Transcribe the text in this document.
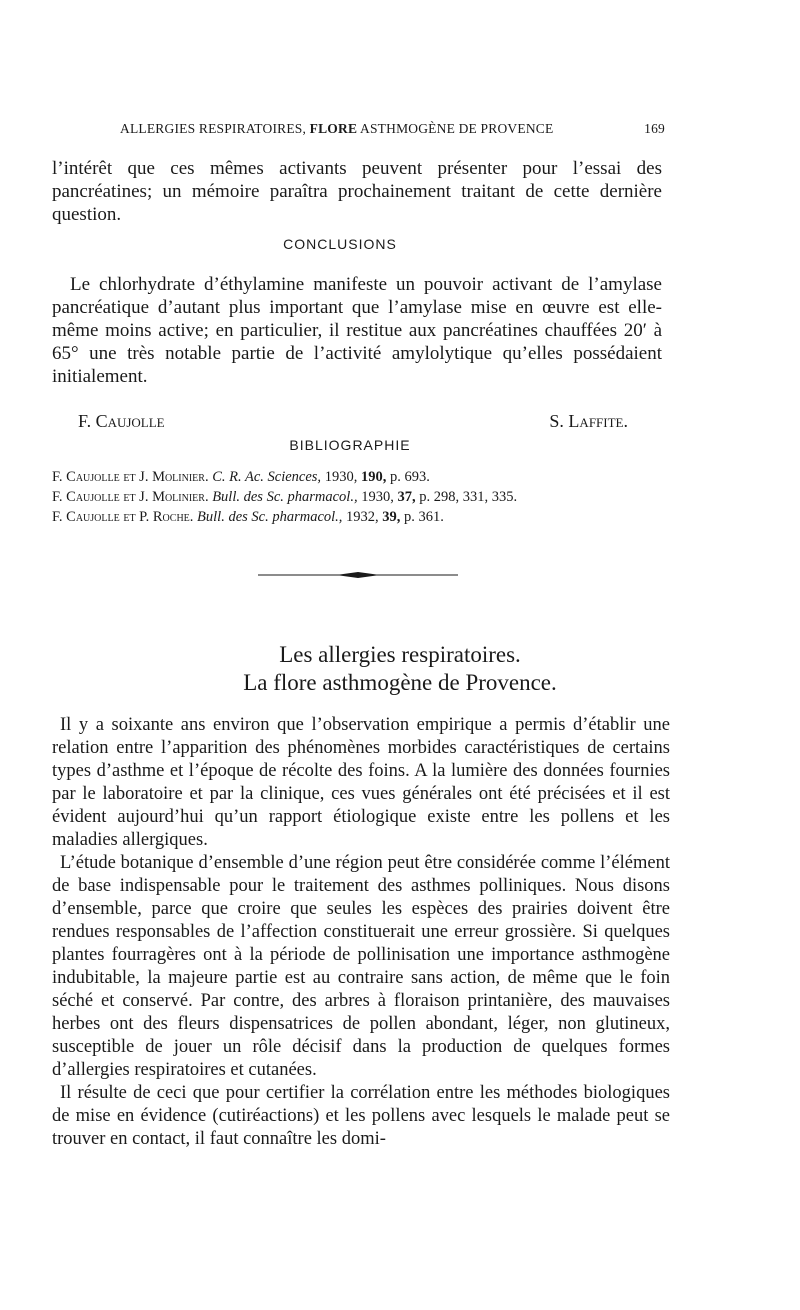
ALLERGIES RESPIRATOIRES, FLORE ASTHMOGÈNE DE PROVENCE	169

l’intérêt que ces mêmes activants peuvent présenter pour l’essai des pancréatines; un mémoire paraîtra prochainement traitant de cette dernière question.

CONCLUSIONS

Le chlorhydrate d’éthylamine manifeste un pouvoir activant de l’amylase pancréatique d’autant plus important que l’amylase mise en œuvre est elle-même moins active; en particulier, il restitue aux pancréatines chauffées 20′ à 65° une très notable partie de l’activité amylolytique qu’elles possédaient initialement.

F. Caujolle	S. Laffite.
BIBLIOGRAPHIE
F. Caujolle et J. Molinier. C. R. Ac. Sciences, 1930, 190, p. 693.
F. Caujolle et J. Molinier. Bull. des Sc. pharmacol., 1930, 37, p. 298, 331, 335.
F. Caujolle et P. Roche. Bull. des Sc. pharmacol., 1932, 39, p. 361.
Les allergies respiratoires.
La flore asthmogène de Provence.

Il y a soixante ans environ que l’observation empirique a permis d’établir une relation entre l’apparition des phénomènes morbides caractéristiques de certains types d’asthme et l’époque de récolte des foins. A la lumière des données fournies par le laboratoire et par la clinique, ces vues générales ont été précisées et il est évident aujourd’hui qu’un rapport étiologique existe entre les pollens et les maladies allergiques.

L’étude botanique d’ensemble d’une région peut être considérée comme l’élément de base indispensable pour le traitement des asthmes polliniques. Nous disons d’ensemble, parce que croire que seules les espèces des prairies doivent être rendues responsables de l’affection constituerait une erreur grossière. Si quelques plantes fourragères ont à la période de pollinisation une importance asthmogène indubitable, la majeure partie est au contraire sans action, de même que le foin séché et conservé. Par contre, des arbres à floraison printanière, des mauvaises herbes ont des fleurs dispensatrices de pollen abondant, léger, non glutineux, susceptible de jouer un rôle décisif dans la production de quelques formes d’allergies respiratoires et cutanées.

Il résulte de ceci que pour certifier la corrélation entre les méthodes biologiques de mise en évidence (cutiréactions) et les pollens avec lesquels le malade peut se trouver en contact, il faut connaître les domi-
